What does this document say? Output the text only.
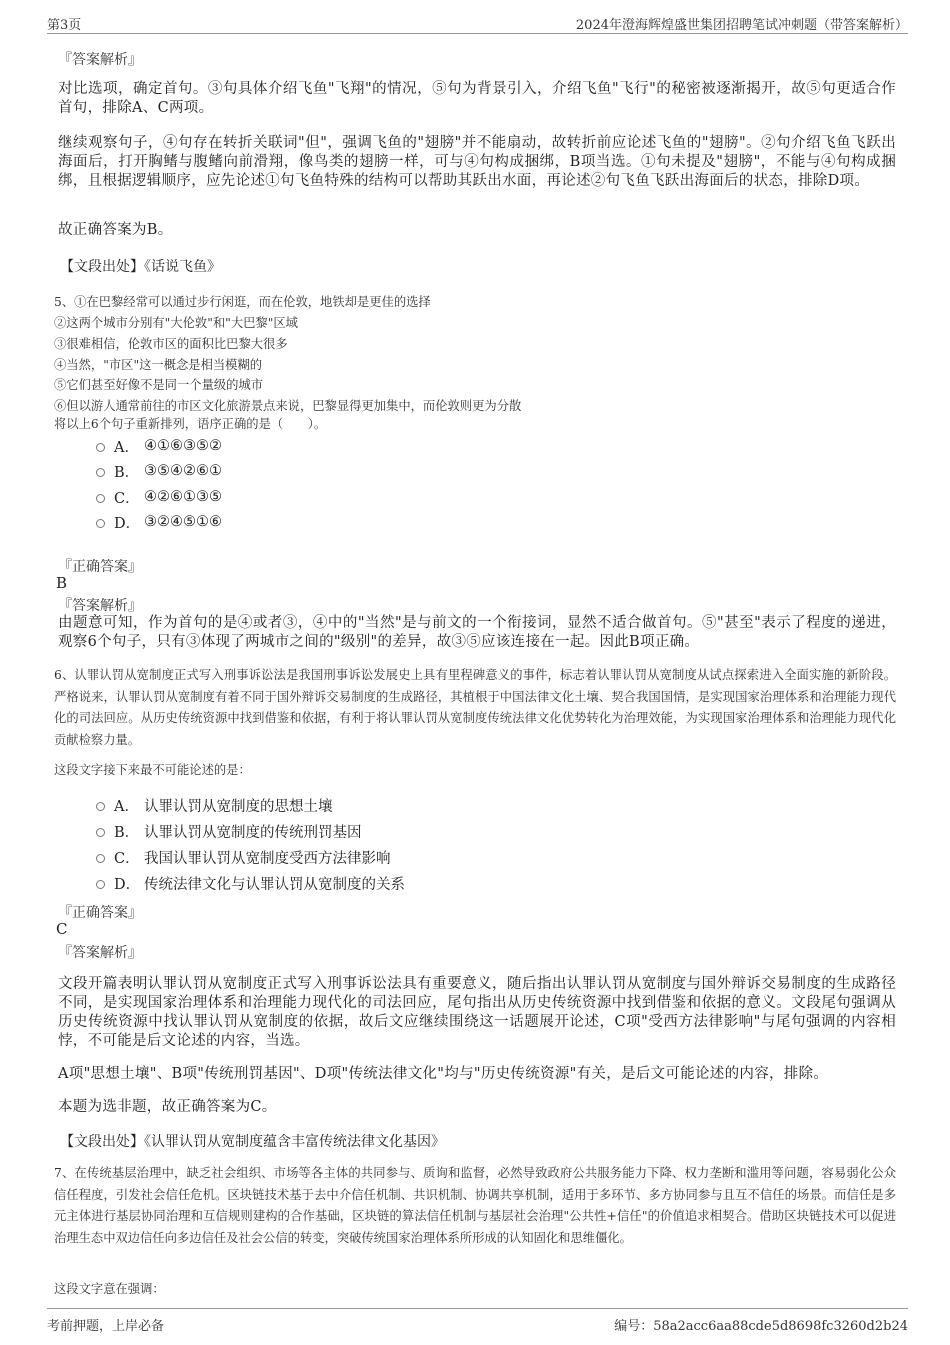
第3页	2024年澄海辉煌盛世集团招聘笔试冲刺题（带答案解析）
『答案解析』
对比选项，确定首句。③句具体介绍飞鱼"飞翔"的情况，⑤句为背景引入，介绍飞鱼"飞行"的秘密被逐渐揭开，故⑤句更适合作首句，排除A、C两项。
继续观察句子，④句存在转折关联词"但"，强调飞鱼的"翅膀"并不能扇动，故转折前应论述飞鱼的"翅膀"。②句介绍飞鱼飞跃出海面后，打开胸鳍与腹鳍向前滑翔，像鸟类的翅膀一样，可与④句构成捆绑，B项当选。①句未提及"翅膀"，不能与④句构成捆绑，且根据逻辑顺序，应先论述①句飞鱼特殊的结构可以帮助其跃出水面，再论述②句飞鱼飞跃出海面后的状态，排除D项。
故正确答案为B。
【文段出处】《话说飞鱼》
5、①在巴黎经常可以通过步行闲逛，而在伦敦，地铁却是更佳的选择
②这两个城市分别有"大伦敦"和"大巴黎"区域
③很难相信，伦敦市区的面积比巴黎大很多
④当然，"市区"这一概念是相当模糊的
⑤它们甚至好像不是同一个量级的城市
⑥但以游人通常前往的市区文化旅游景点来说，巴黎显得更加集中，而伦敦则更为分散
将以上6个句子重新排列，语序正确的是（　　）。
A． ④①⑥③⑤②
B． ③⑤④②⑥①
C． ④②⑥①③⑤
D． ③②④⑤①⑥
『正确答案』
B
『答案解析』
由题意可知，作为首句的是④或者③，④中的"当然"是与前文的一个衔接词，显然不适合做首句。⑤"甚至"表示了程度的递进，观察6个句子，只有③体现了两城市之间的"级别"的差异，故③⑤应该连接在一起。因此B项正确。
6、认罪认罚从宽制度正式写入刑事诉讼法是我国刑事诉讼发展史上具有里程碑意义的事件，标志着认罪认罚从宽制度从试点探索进入全面实施的新阶段。严格说来，认罪认罚从宽制度有着不同于国外辩诉交易制度的生成路径，其植根于中国法律文化土壤、契合我国国情，是实现国家治理体系和治理能力现代化的司法回应。从历史传统资源中找到借鉴和依据，有利于将认罪认罚从宽制度传统法律文化优势转化为治理效能，为实现国家治理体系和治理能力现代化贡献检察力量。
这段文字接下来最不可能论述的是：
A． 认罪认罚从宽制度的思想土壤
B． 认罪认罚从宽制度的传统刑罚基因
C． 我国认罪认罚从宽制度受西方法律影响
D． 传统法律文化与认罪认罚从宽制度的关系
『正确答案』
C
『答案解析』
文段开篇表明认罪认罚从宽制度正式写入刑事诉讼法具有重要意义，随后指出认罪认罚从宽制度与国外辩诉交易制度的生成路径不同，是实现国家治理体系和治理能力现代化的司法回应，尾句指出从历史传统资源中找到借鉴和依据的意义。文段尾句强调从历史传统资源中找认罪认罚从宽制度的依据，故后文应继续围绕这一话题展开论述，C项"受西方法律影响"与尾句强调的内容相悖，不可能是后文论述的内容，当选。
A项"思想土壤"、B项"传统刑罚基因"、D项"传统法律文化"均与"历史传统资源"有关，是后文可能论述的内容，排除。
本题为选非题，故正确答案为C。
【文段出处】《认罪认罚从宽制度蕴含丰富传统法律文化基因》
7、在传统基层治理中，缺乏社会组织、市场等各主体的共同参与、质询和监督，必然导致政府公共服务能力下降、权力垄断和滥用等问题，容易弱化公众信任程度，引发社会信任危机。区块链技术基于去中介信任机制、共识机制、协调共享机制，适用于多环节、多方协同参与且互不信任的场景。而信任是多元主体进行基层协同治理和互信规则建构的合作基础，区块链的算法信任机制与基层社会治理"公共性+信任"的价值追求相契合。借助区块链技术可以促进治理生态中双边信任向多边信任及社会公信的转变，突破传统国家治理体系所形成的认知固化和思维僵化。
这段文字意在强调：
考前押题，上岸必备	编号：58a2acc6aa88cde5d8698fc3260d2b24
